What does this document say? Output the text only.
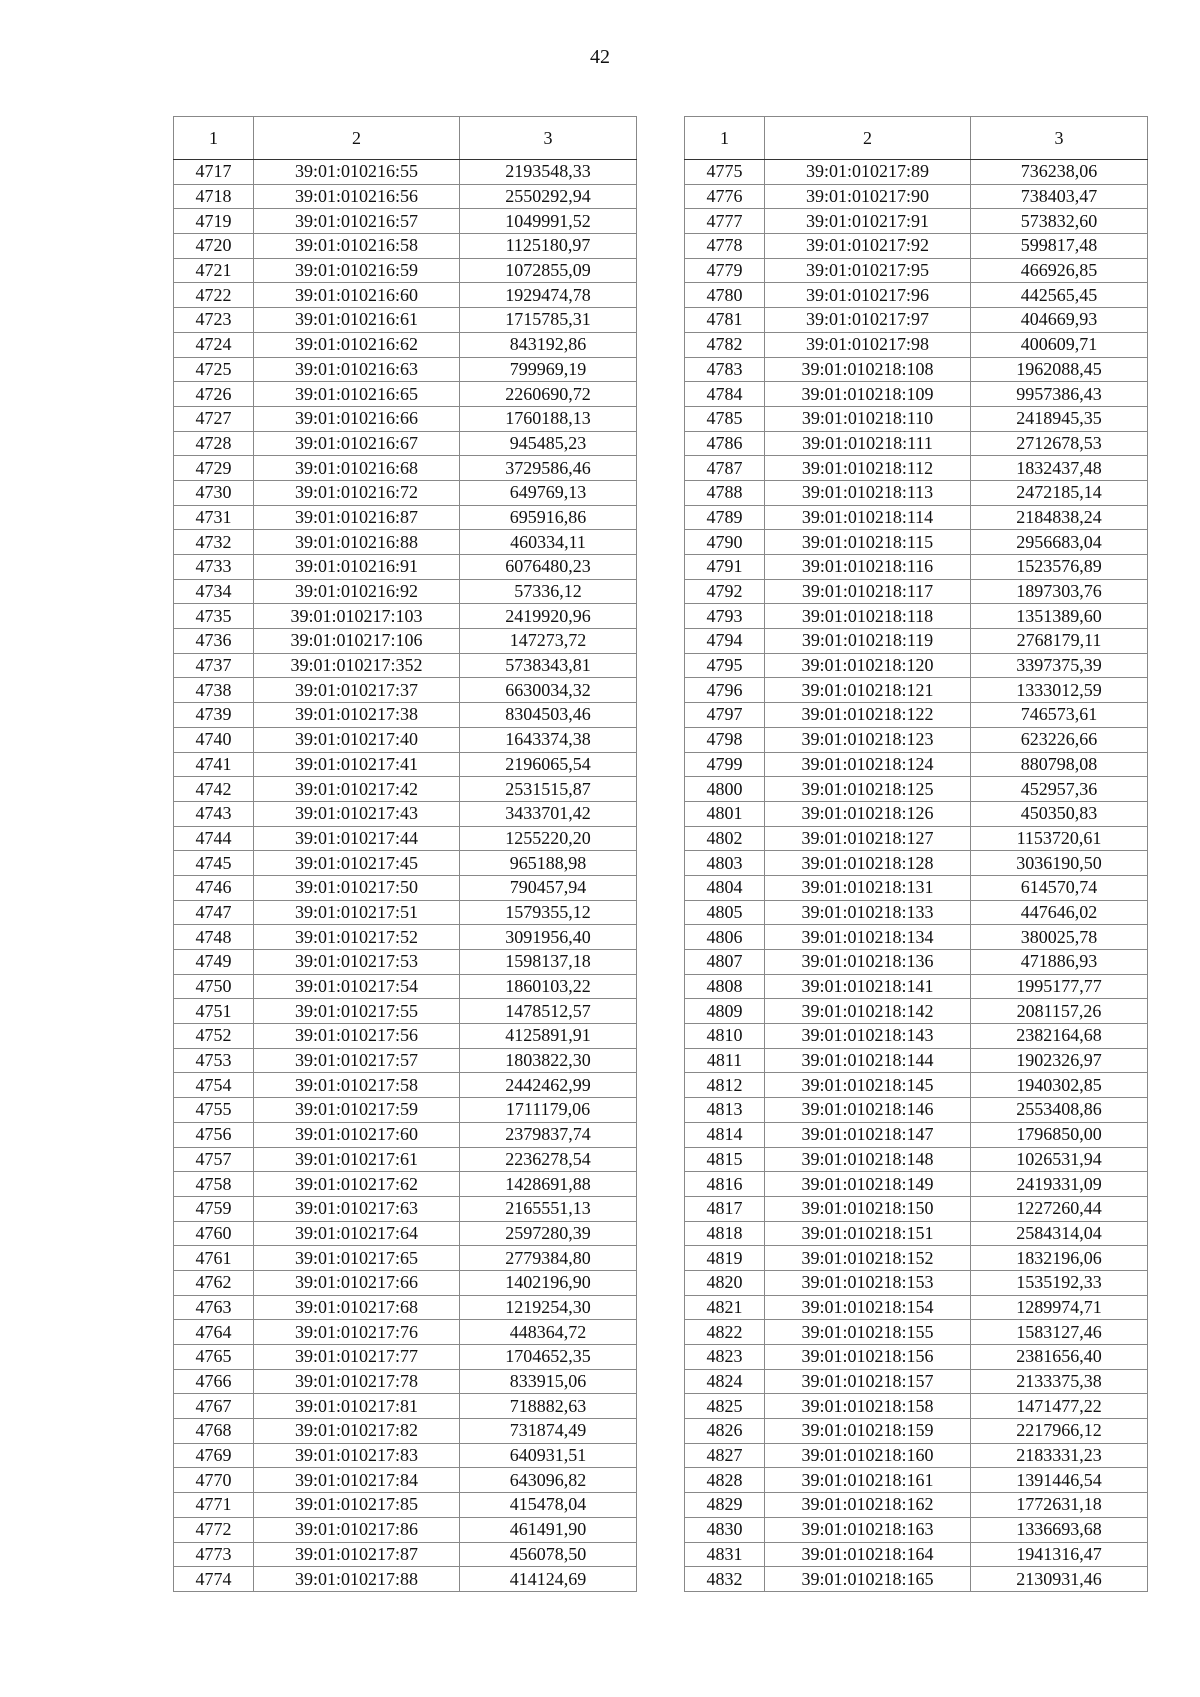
42
1	2	3
4717	39:01:010216:55	2193548,33
4718	39:01:010216:56	2550292,94
4719	39:01:010216:57	1049991,52
4720	39:01:010216:58	1125180,97
4721	39:01:010216:59	1072855,09
4722	39:01:010216:60	1929474,78
4723	39:01:010216:61	1715785,31
4724	39:01:010216:62	843192,86
4725	39:01:010216:63	799969,19
4726	39:01:010216:65	2260690,72
4727	39:01:010216:66	1760188,13
4728	39:01:010216:67	945485,23
4729	39:01:010216:68	3729586,46
4730	39:01:010216:72	649769,13
4731	39:01:010216:87	695916,86
4732	39:01:010216:88	460334,11
4733	39:01:010216:91	6076480,23
4734	39:01:010216:92	57336,12
4735	39:01:010217:103	2419920,96
4736	39:01:010217:106	147273,72
4737	39:01:010217:352	5738343,81
4738	39:01:010217:37	6630034,32
4739	39:01:010217:38	8304503,46
4740	39:01:010217:40	1643374,38
4741	39:01:010217:41	2196065,54
4742	39:01:010217:42	2531515,87
4743	39:01:010217:43	3433701,42
4744	39:01:010217:44	1255220,20
4745	39:01:010217:45	965188,98
4746	39:01:010217:50	790457,94
4747	39:01:010217:51	1579355,12
4748	39:01:010217:52	3091956,40
4749	39:01:010217:53	1598137,18
4750	39:01:010217:54	1860103,22
4751	39:01:010217:55	1478512,57
4752	39:01:010217:56	4125891,91
4753	39:01:010217:57	1803822,30
4754	39:01:010217:58	2442462,99
4755	39:01:010217:59	1711179,06
4756	39:01:010217:60	2379837,74
4757	39:01:010217:61	2236278,54
4758	39:01:010217:62	1428691,88
4759	39:01:010217:63	2165551,13
4760	39:01:010217:64	2597280,39
4761	39:01:010217:65	2779384,80
4762	39:01:010217:66	1402196,90
4763	39:01:010217:68	1219254,30
4764	39:01:010217:76	448364,72
4765	39:01:010217:77	1704652,35
4766	39:01:010217:78	833915,06
4767	39:01:010217:81	718882,63
4768	39:01:010217:82	731874,49
4769	39:01:010217:83	640931,51
4770	39:01:010217:84	643096,82
4771	39:01:010217:85	415478,04
4772	39:01:010217:86	461491,90
4773	39:01:010217:87	456078,50
4774	39:01:010217:88	414124,69
1	2	3
4775	39:01:010217:89	736238,06
4776	39:01:010217:90	738403,47
4777	39:01:010217:91	573832,60
4778	39:01:010217:92	599817,48
4779	39:01:010217:95	466926,85
4780	39:01:010217:96	442565,45
4781	39:01:010217:97	404669,93
4782	39:01:010217:98	400609,71
4783	39:01:010218:108	1962088,45
4784	39:01:010218:109	9957386,43
4785	39:01:010218:110	2418945,35
4786	39:01:010218:111	2712678,53
4787	39:01:010218:112	1832437,48
4788	39:01:010218:113	2472185,14
4789	39:01:010218:114	2184838,24
4790	39:01:010218:115	2956683,04
4791	39:01:010218:116	1523576,89
4792	39:01:010218:117	1897303,76
4793	39:01:010218:118	1351389,60
4794	39:01:010218:119	2768179,11
4795	39:01:010218:120	3397375,39
4796	39:01:010218:121	1333012,59
4797	39:01:010218:122	746573,61
4798	39:01:010218:123	623226,66
4799	39:01:010218:124	880798,08
4800	39:01:010218:125	452957,36
4801	39:01:010218:126	450350,83
4802	39:01:010218:127	1153720,61
4803	39:01:010218:128	3036190,50
4804	39:01:010218:131	614570,74
4805	39:01:010218:133	447646,02
4806	39:01:010218:134	380025,78
4807	39:01:010218:136	471886,93
4808	39:01:010218:141	1995177,77
4809	39:01:010218:142	2081157,26
4810	39:01:010218:143	2382164,68
4811	39:01:010218:144	1902326,97
4812	39:01:010218:145	1940302,85
4813	39:01:010218:146	2553408,86
4814	39:01:010218:147	1796850,00
4815	39:01:010218:148	1026531,94
4816	39:01:010218:149	2419331,09
4817	39:01:010218:150	1227260,44
4818	39:01:010218:151	2584314,04
4819	39:01:010218:152	1832196,06
4820	39:01:010218:153	1535192,33
4821	39:01:010218:154	1289974,71
4822	39:01:010218:155	1583127,46
4823	39:01:010218:156	2381656,40
4824	39:01:010218:157	2133375,38
4825	39:01:010218:158	1471477,22
4826	39:01:010218:159	2217966,12
4827	39:01:010218:160	2183331,23
4828	39:01:010218:161	1391446,54
4829	39:01:010218:162	1772631,18
4830	39:01:010218:163	1336693,68
4831	39:01:010218:164	1941316,47
4832	39:01:010218:165	2130931,46
